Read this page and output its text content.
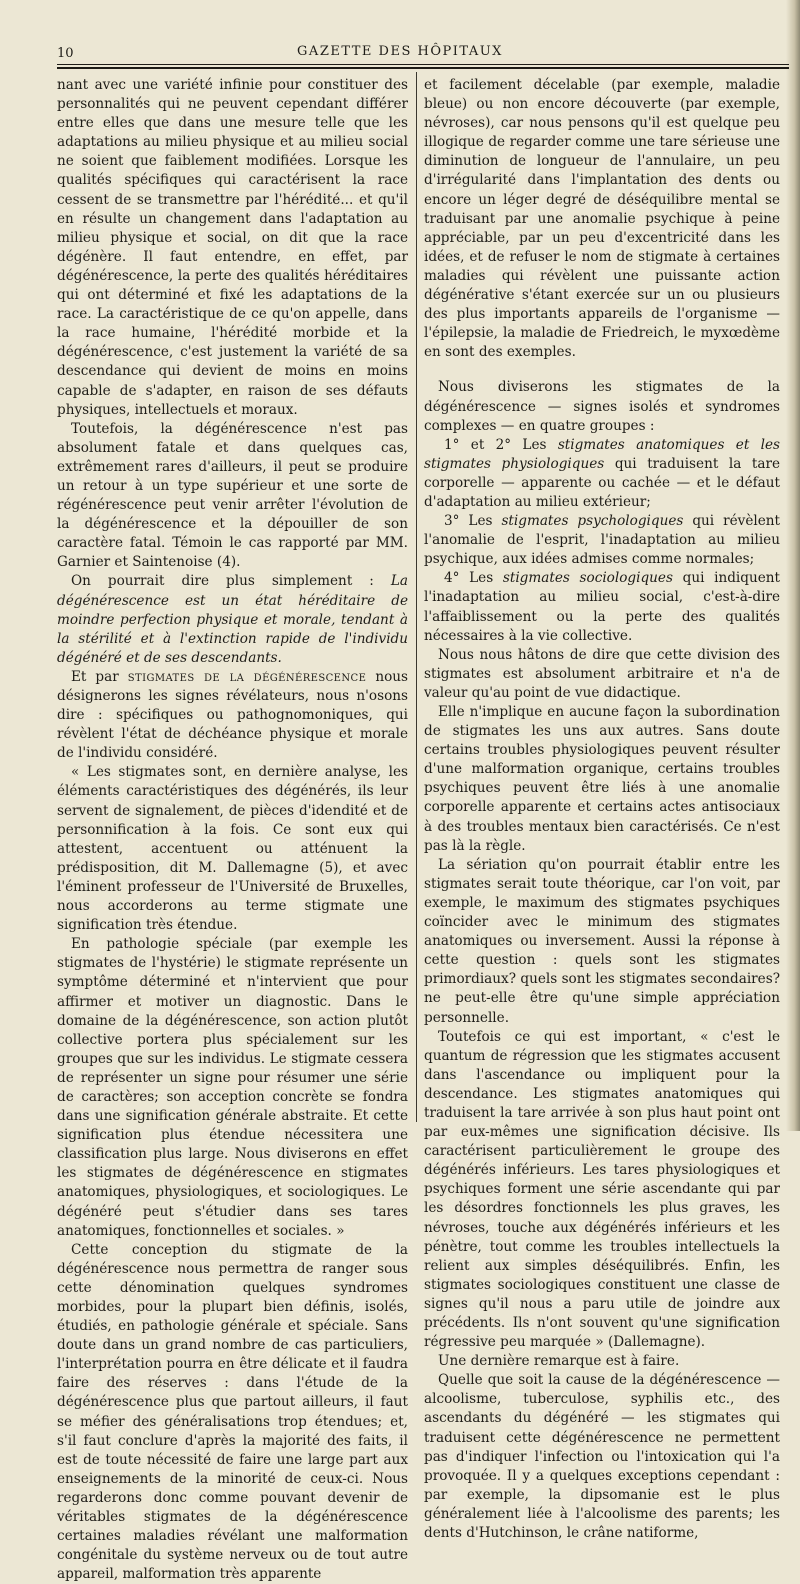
10	GAZETTE DES HÔPITAUX

nant avec une variété infinie pour constituer des personnalités qui ne peuvent cependant différer entre elles que dans une mesure telle que les adaptations au milieu physique et au milieu social ne soient que faiblement modifiées. Lorsque les qualités spécifiques qui caractérisent la race cessent de se transmettre par l'hérédité... et qu'il en résulte un changement dans l'adaptation au milieu physique et social, on dit que la race dégénère. Il faut entendre, en effet, par dégénérescence, la perte des qualités héréditaires qui ont déterminé et fixé les adaptations de la race. La caractéristique de ce qu'on appelle, dans la race humaine, l'hérédité morbide et la dégénérescence, c'est justement la variété de sa descendance qui devient de moins en moins capable de s'adapter, en raison de ses défauts physiques, intellectuels et moraux.

Toutefois, la dégénérescence n'est pas absolument fatale et dans quelques cas, extrêmement rares d'ailleurs, il peut se produire un retour à un type supérieur et une sorte de régénérescence peut venir arrêter l'évolution de la dégénérescence et la dépouiller de son caractère fatal. Témoin le cas rapporté par MM. Garnier et Saintenoise (4).

On pourrait dire plus simplement : La dégénérescence est un état héréditaire de moindre perfection physique et morale, tendant à la stérilité et à l'extinction rapide de l'individu dégénéré et de ses descendants.

Et par stigmates de la dégénérescence nous désignerons les signes révélateurs, nous n'osons dire : spécifiques ou pathognomoniques, qui révèlent l'état de déchéance physique et morale de l'individu considéré.

« Les stigmates sont, en dernière analyse, les éléments caractéristiques des dégénérés, ils leur servent de signalement, de pièces d'idendité et de personnification à la fois. Ce sont eux qui attestent, accentuent ou atténuent la prédisposition, dit M. Dallemagne (5), et avec l'éminent professeur de l'Université de Bruxelles, nous accorderons au terme stigmate une signification très étendue.

En pathologie spéciale (par exemple les stigmates de l'hystérie) le stigmate représente un symptôme déterminé et n'intervient que pour affirmer et motiver un diagnostic. Dans le domaine de la dégénérescence, son action plutôt collective portera plus spécialement sur les groupes que sur les individus. Le stigmate cessera de représenter un signe pour résumer une série de caractères; son acception concrète se fondra dans une signification générale abstraite. Et cette signification plus étendue nécessitera une classification plus large. Nous diviserons en effet les stigmates de dégénérescence en stigmates anatomiques, physiologiques, et sociologiques. Le dégénéré peut s'étudier dans ses tares anatomiques, fonctionnelles et sociales. »

Cette conception du stigmate de la dégénérescence nous permettra de ranger sous cette dénomination quelques syndromes morbides, pour la plupart bien définis, isolés, étudiés, en pathologie générale et spéciale. Sans doute dans un grand nombre de cas particuliers, l'interprétation pourra en être délicate et il faudra faire des réserves : dans l'étude de la dégénérescence plus que partout ailleurs, il faut se méfier des généralisations trop étendues; et, s'il faut conclure d'après la majorité des faits, il est de toute nécessité de faire une large part aux enseignements de la minorité de ceux-ci. Nous regarderons donc comme pouvant devenir de véritables stigmates de la dégénérescence certaines maladies révélant une malformation congénitale du système nerveux ou de tout autre appareil, malformation très apparente

et facilement décelable (par exemple, maladie bleue) ou non encore découverte (par exemple, névroses), car nous pensons qu'il est quelque peu illogique de regarder comme une tare sérieuse une diminution de longueur de l'annulaire, un peu d'irrégularité dans l'implantation des dents ou encore un léger degré de déséquilibre mental se traduisant par une anomalie psychique à peine appréciable, par un peu d'excentricité dans les idées, et de refuser le nom de stigmate à certaines maladies qui révèlent une puissante action dégénérative s'étant exercée sur un ou plusieurs des plus importants appareils de l'organisme — l'épilepsie, la maladie de Friedreich, le myxœdème en sont des exemples.

Nous diviserons les stigmates de la dégénérescence — signes isolés et syndromes complexes — en quatre groupes :

1° et 2° Les stigmates anatomiques et les stigmates physiologiques qui traduisent la tare corporelle — apparente ou cachée — et le défaut d'adaptation au milieu extérieur;

3° Les stigmates psychologiques qui révèlent l'anomalie de l'esprit, l'inadaptation au milieu psychique, aux idées admises comme normales;

4° Les stigmates sociologiques qui indiquent l'inadaptation au milieu social, c'est-à-dire l'affaiblissement ou la perte des qualités nécessaires à la vie collective.

Nous nous hâtons de dire que cette division des stigmates est absolument arbitraire et n'a de valeur qu'au point de vue didactique.

Elle n'implique en aucune façon la subordination de stigmates les uns aux autres. Sans doute certains troubles physiologiques peuvent résulter d'une malformation organique, certains troubles psychiques peuvent être liés à une anomalie corporelle apparente et certains actes antisociaux à des troubles mentaux bien caractérisés. Ce n'est pas là la règle.

La sériation qu'on pourrait établir entre les stigmates serait toute théorique, car l'on voit, par exemple, le maximum des stigmates psychiques coïncider avec le minimum des stigmates anatomiques ou inversement. Aussi la réponse à cette question : quels sont les stigmates primordiaux? quels sont les stigmates secondaires? ne peut-elle être qu'une simple appréciation personnelle.

Toutefois ce qui est important, « c'est le quantum de régression que les stigmates accusent dans l'ascendance ou impliquent pour la descendance. Les stigmates anatomiques qui traduisent la tare arrivée à son plus haut point ont par eux-mêmes une signification décisive. Ils caractérisent particulièrement le groupe des dégénérés inférieurs. Les tares physiologiques et psychiques forment une série ascendante qui par les désordres fonctionnels les plus graves, les névroses, touche aux dégénérés inférieurs et les pénètre, tout comme les troubles intellectuels la relient aux simples déséquilibrés. Enfin, les stigmates sociologiques constituent une classe de signes qu'il nous a paru utile de joindre aux précédents. Ils n'ont souvent qu'une signification régressive peu marquée » (Dallemagne).

Une dernière remarque est à faire.

Quelle que soit la cause de la dégénérescence — alcoolisme, tuberculose, syphilis etc., des ascendants du dégénéré — les stigmates qui traduisent cette dégénérescence ne permettent pas d'indiquer l'infection ou l'intoxication qui l'a provoquée. Il y a quelques exceptions cependant : par exemple, la dipsomanie est le plus généralement liée à l'alcoolisme des parents; les dents d'Hutchinson, le crâne natiforme,
